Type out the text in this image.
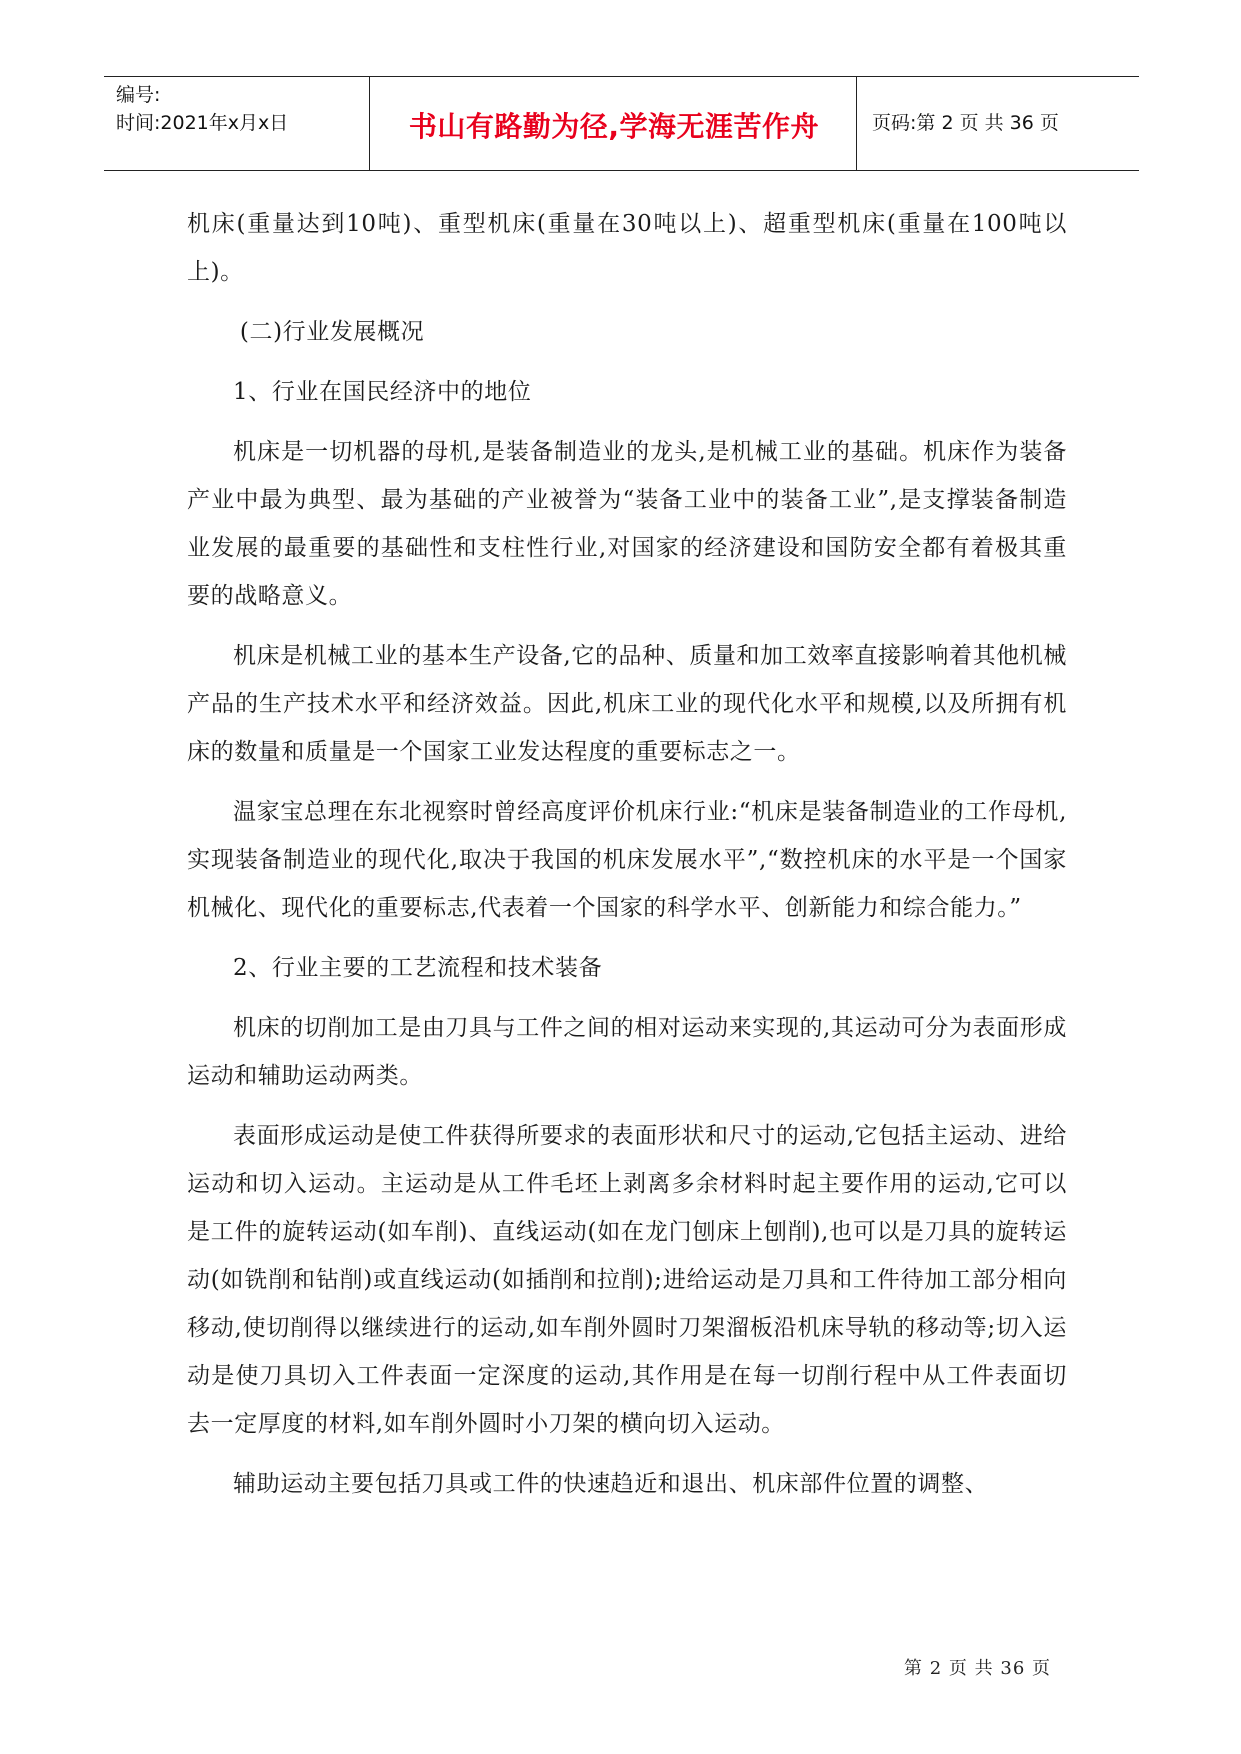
编号:
时间:2021年x月x日	书山有路勤为径,学海无涯苦作舟	页码:第 2 页 共 36 页

机床(重量达到10吨)、重型机床(重量在30吨以上)、超重型机床(重量在100吨以上)。

(二)行业发展概况

1、行业在国民经济中的地位

机床是一切机器的母机,是装备制造业的龙头,是机械工业的基础。机床作为装备产业中最为典型、最为基础的产业被誉为“装备工业中的装备工业”,是支撑装备制造业发展的最重要的基础性和支柱性行业,对国家的经济建设和国防安全都有着极其重要的战略意义。

机床是机械工业的基本生产设备,它的品种、质量和加工效率直接影响着其他机械产品的生产技术水平和经济效益。因此,机床工业的现代化水平和规模,以及所拥有机床的数量和质量是一个国家工业发达程度的重要标志之一。

温家宝总理在东北视察时曾经高度评价机床行业:“机床是装备制造业的工作母机,实现装备制造业的现代化,取决于我国的机床发展水平”,“数控机床的水平是一个国家机械化、现代化的重要标志,代表着一个国家的科学水平、创新能力和综合能力。”

2、行业主要的工艺流程和技术装备

机床的切削加工是由刀具与工件之间的相对运动来实现的,其运动可分为表面形成运动和辅助运动两类。

表面形成运动是使工件获得所要求的表面形状和尺寸的运动,它包括主运动、进给运动和切入运动。主运动是从工件毛坯上剥离多余材料时起主要作用的运动,它可以是工件的旋转运动(如车削)、直线运动(如在龙门刨床上刨削),也可以是刀具的旋转运动(如铣削和钻削)或直线运动(如插削和拉削);进给运动是刀具和工件待加工部分相向移动,使切削得以继续进行的运动,如车削外圆时刀架溜板沿机床导轨的移动等;切入运动是使刀具切入工件表面一定深度的运动,其作用是在每一切削行程中从工件表面切去一定厚度的材料,如车削外圆时小刀架的横向切入运动。

辅助运动主要包括刀具或工件的快速趋近和退出、机床部件位置的调整、

第 2 页 共 36 页
